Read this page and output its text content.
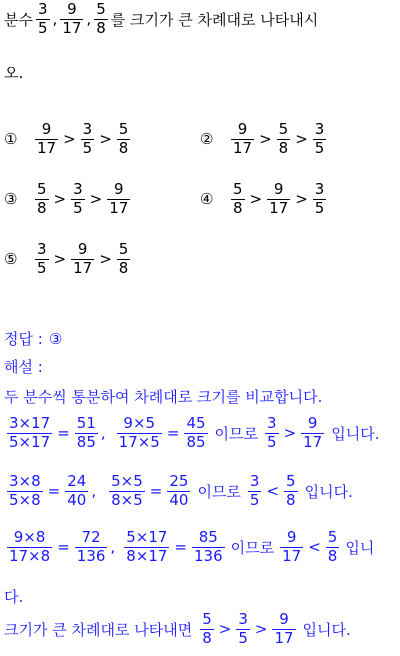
분수 $\frac{3}{5}$ , $\frac{9}{17}$ , $\frac{5}{8}$ 를 크기가 큰 차례대로 나타내시
오.
①	$\frac{9}{17} > \frac{3}{5} > \frac{5}{8}$	②	$\frac{9}{17} > \frac{5}{8} > \frac{3}{5}$
③	$\frac{5}{8} > \frac{3}{5} > \frac{9}{17}$	④	$\frac{5}{8} > \frac{9}{17} > \frac{3}{5}$
⑤	$\frac{3}{5} > \frac{9}{17} > \frac{5}{8}$
정답 : ③
해설 :
두 분수씩 통분하여 차례대로 크기를 비교합니다.
$\frac{3\times 17}{5\times 17} = \frac{51}{85}$ , $\frac{9\times 5}{17\times 5} = \frac{45}{85}$ 이므로 $\frac{3}{5} > \frac{9}{17}$ 입니다.
$\frac{3\times 8}{5\times 8} = \frac{24}{40}$ , $\frac{5\times 5}{8\times 5} = \frac{25}{40}$ 이므로 $\frac{3}{5} < \frac{5}{8}$ 입니다.
$\frac{9\times 8}{17\times 8} = \frac{72}{136}$ , $\frac{5\times 17}{8\times 17} = \frac{85}{136}$ 이므로 $\frac{9}{17} < \frac{5}{8}$ 입니
다.
크기가 큰 차례대로 나타내면 $\frac{5}{8} > \frac{3}{5} > \frac{9}{17}$ 입니다.
